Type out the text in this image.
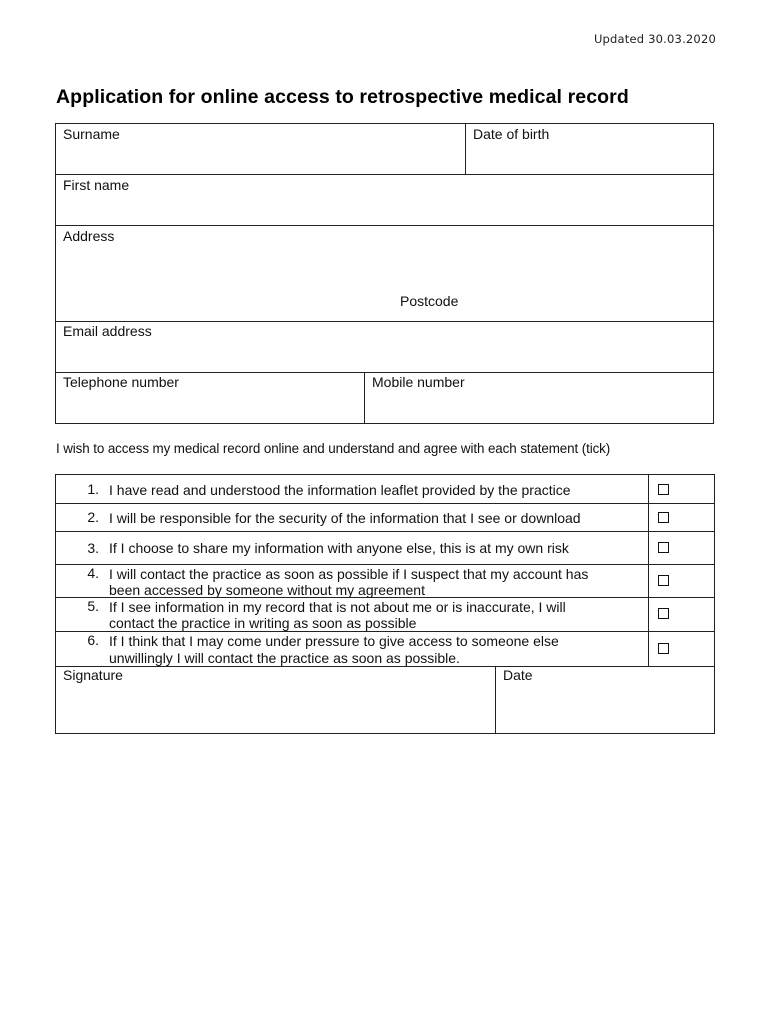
Updated 30.03.2020
Application for online access to retrospective medical record
Surname	Date of birth
First name
Address
Postcode
Email address
Telephone number	Mobile number
I wish to access my medical record online and understand and agree with each statement (tick)
1. I have read and understood the information leaflet provided by the practice
2. I will be responsible for the security of the information that I see or download
3. If I choose to share my information with anyone else, this is at my own risk
4. I will contact the practice as soon as possible if I suspect that my account has
been accessed by someone without my agreement
5. If I see information in my record that is not about me or is inaccurate, I will
contact the practice in writing as soon as possible
6. If I think that I may come under pressure to give access to someone else
unwillingly I will contact the practice as soon as possible.
Signature	Date
